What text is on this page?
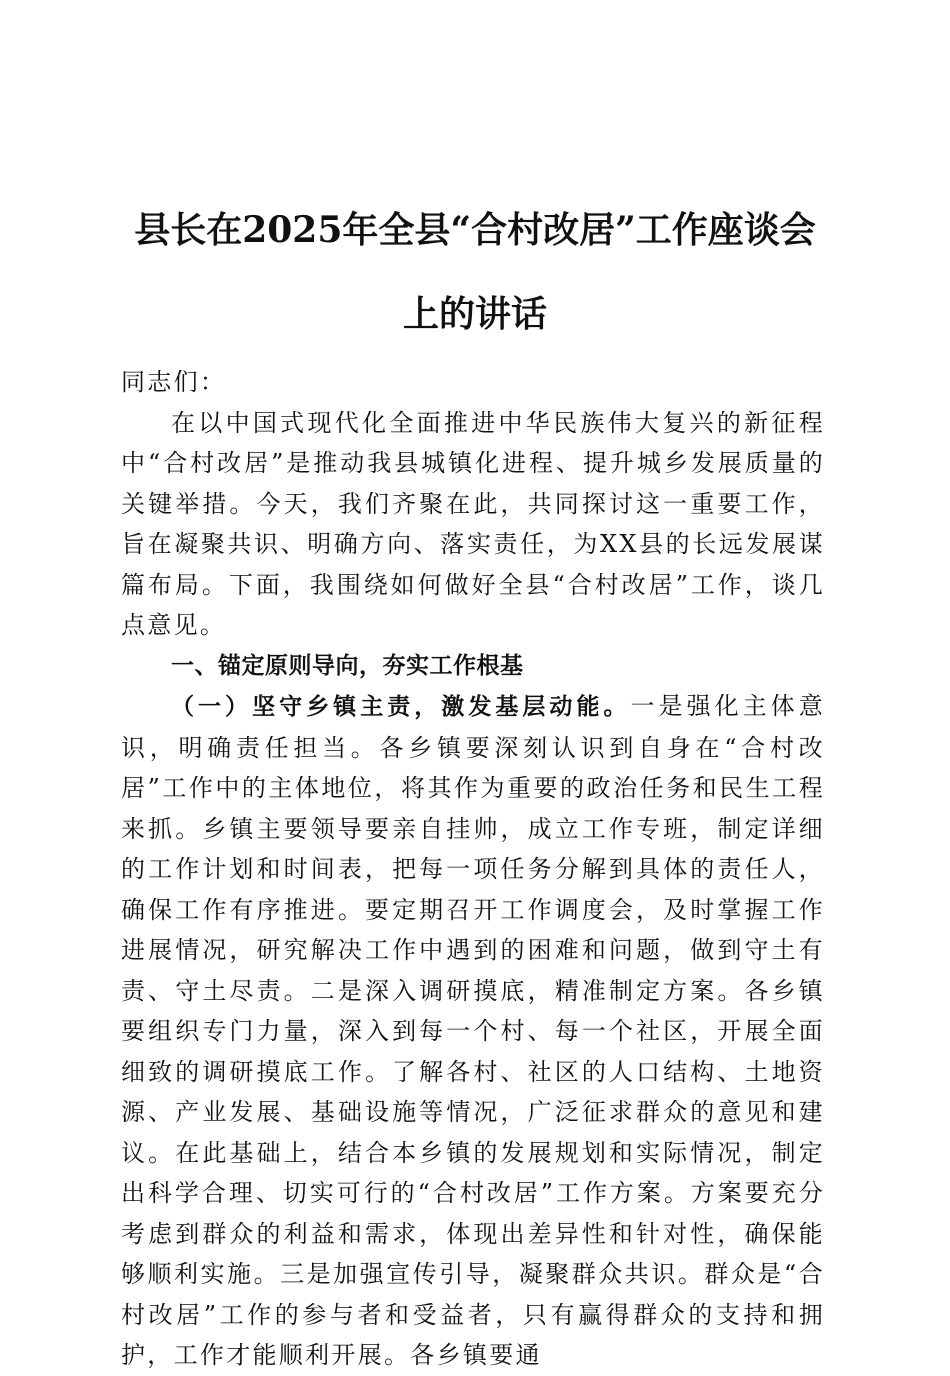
县长在2025年全县“合村改居”工作座谈会
上的讲话

同志们：

在以中国式现代化全面推进中华民族伟大复兴的新征程中“合村改居”是推动我县城镇化进程、提升城乡发展质量的关键举措。今天，我们齐聚在此，共同探讨这一重要工作，旨在凝聚共识、明确方向、落实责任，为XX县的长远发展谋篇布局。下面，我围绕如何做好全县“合村改居”工作，谈几点意见。

一、锚定原则导向，夯实工作根基

（一）坚守乡镇主责，激发基层动能。一是强化主体意识，明确责任担当。各乡镇要深刻认识到自身在“合村改居”工作中的主体地位，将其作为重要的政治任务和民生工程来抓。乡镇主要领导要亲自挂帅，成立工作专班，制定详细的工作计划和时间表，把每一项任务分解到具体的责任人，确保工作有序推进。要定期召开工作调度会，及时掌握工作进展情况，研究解决工作中遇到的困难和问题，做到守土有责、守土尽责。二是深入调研摸底，精准制定方案。各乡镇要组织专门力量，深入到每一个村、每一个社区，开展全面细致的调研摸底工作。了解各村、社区的人口结构、土地资源、产业发展、基础设施等情况，广泛征求群众的意见和建议。在此基础上，结合本乡镇的发展规划和实际情况，制定出科学合理、切实可行的“合村改居”工作方案。方案要充分考虑到群众的利益和需求，体现出差异性和针对性，确保能够顺利实施。三是加强宣传引导，凝聚群众共识。群众是“合村改居”工作的参与者和受益者，只有赢得群众的支持和拥护，工作才能顺利开展。各乡镇要通
